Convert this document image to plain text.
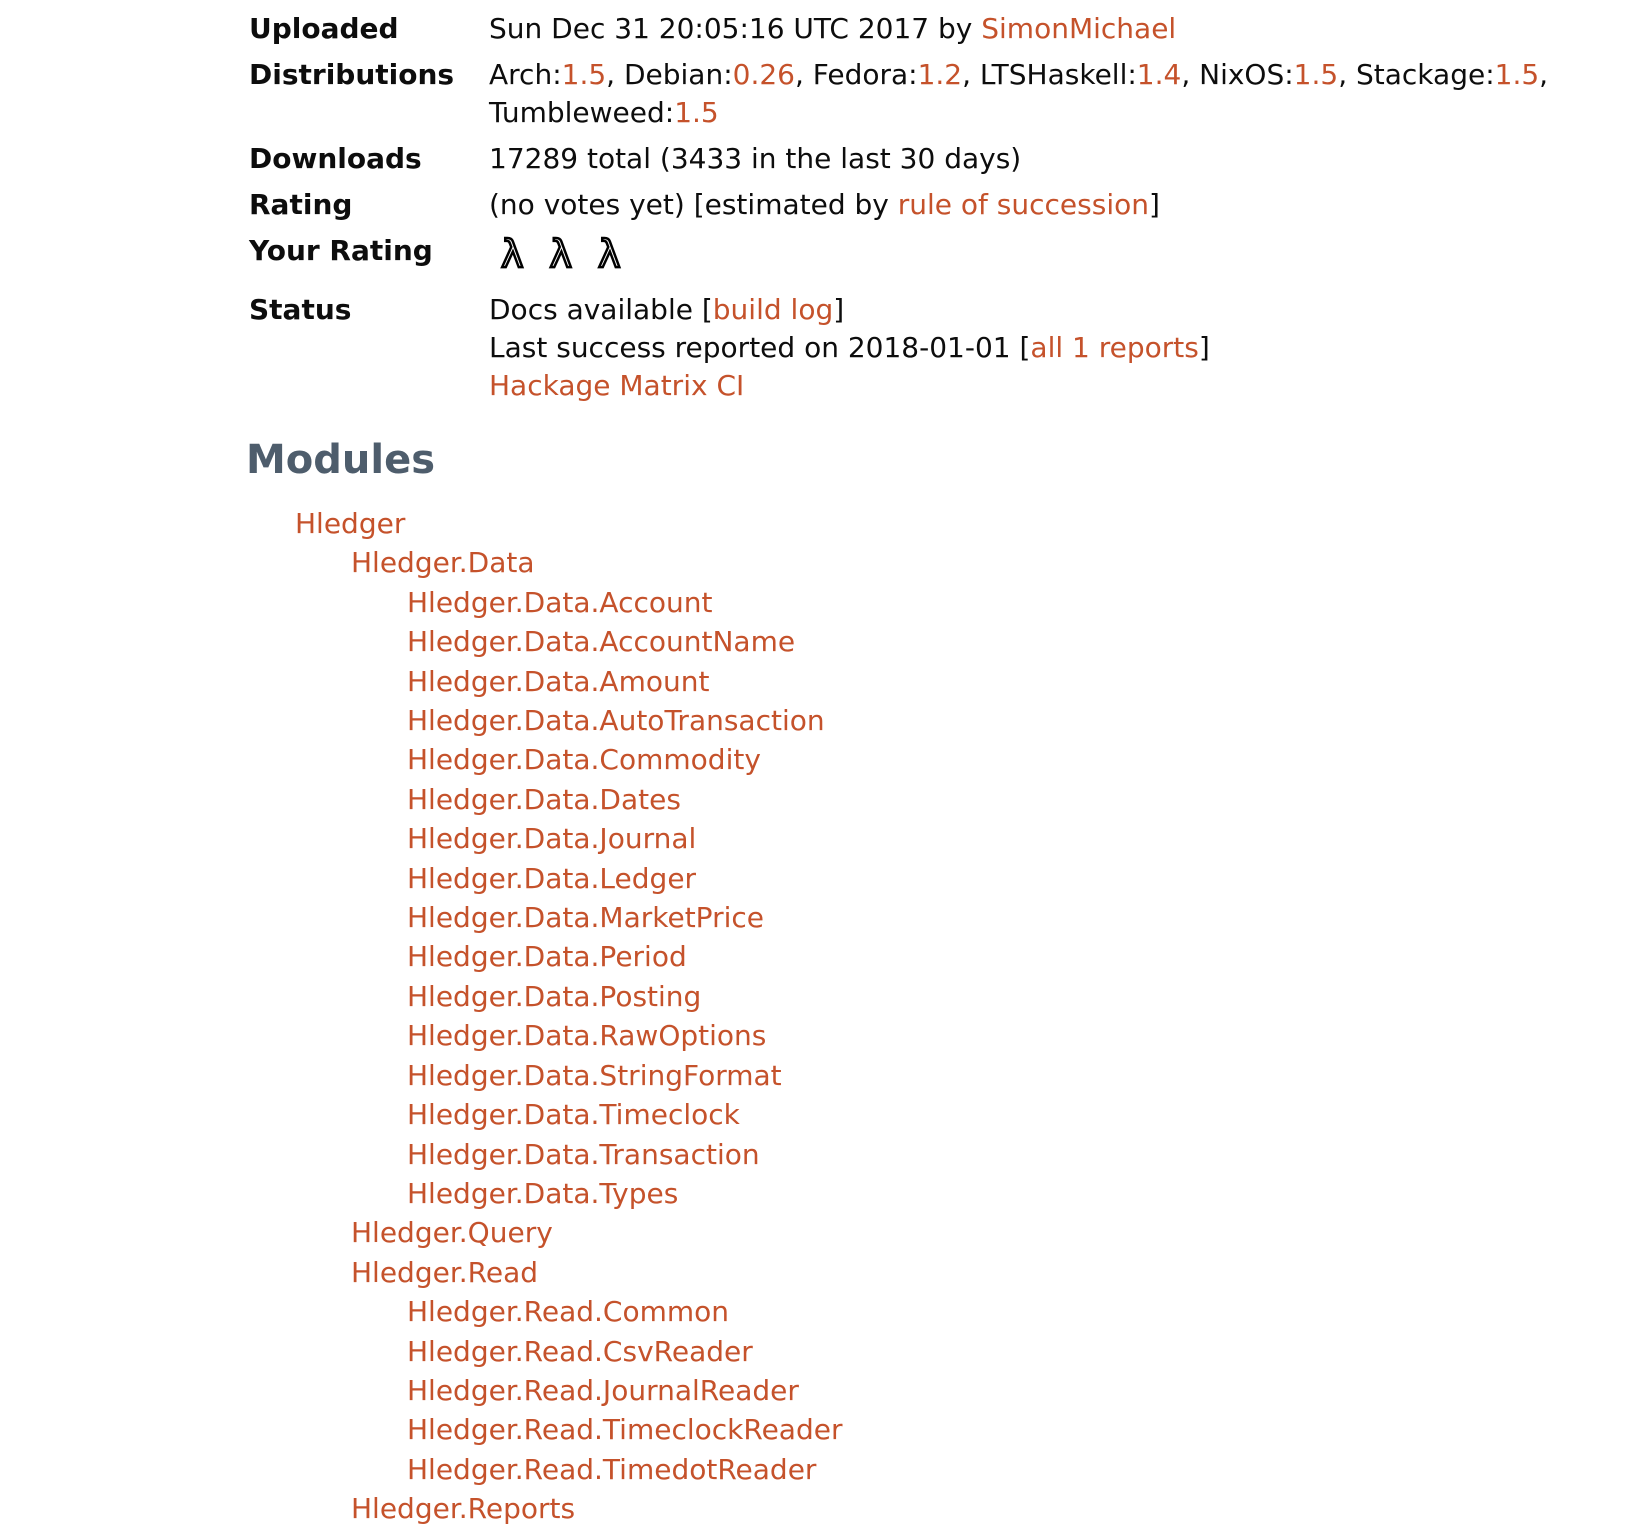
Uploaded	Sun Dec 31 20:05:16 UTC 2017 by SimonMichael
Distributions	Arch:1.5, Debian:0.26, Fedora:1.2, LTSHaskell:1.4, NixOS:1.5, Stackage:1.5,
Tumbleweed:1.5
Downloads	17289 total (3433 in the last 30 days)
Rating	(no votes yet) [estimated by rule of succession]
Your Rating	λ λ λ
Status	Docs available [build log]
Last success reported on 2018-01-01 [all 1 reports]
Hackage Matrix CI
Modules
Hledger
Hledger.Data
Hledger.Data.Account
Hledger.Data.AccountName
Hledger.Data.Amount
Hledger.Data.AutoTransaction
Hledger.Data.Commodity
Hledger.Data.Dates
Hledger.Data.Journal
Hledger.Data.Ledger
Hledger.Data.MarketPrice
Hledger.Data.Period
Hledger.Data.Posting
Hledger.Data.RawOptions
Hledger.Data.StringFormat
Hledger.Data.Timeclock
Hledger.Data.Transaction
Hledger.Data.Types
Hledger.Query
Hledger.Read
Hledger.Read.Common
Hledger.Read.CsvReader
Hledger.Read.JournalReader
Hledger.Read.TimeclockReader
Hledger.Read.TimedotReader
Hledger.Reports
